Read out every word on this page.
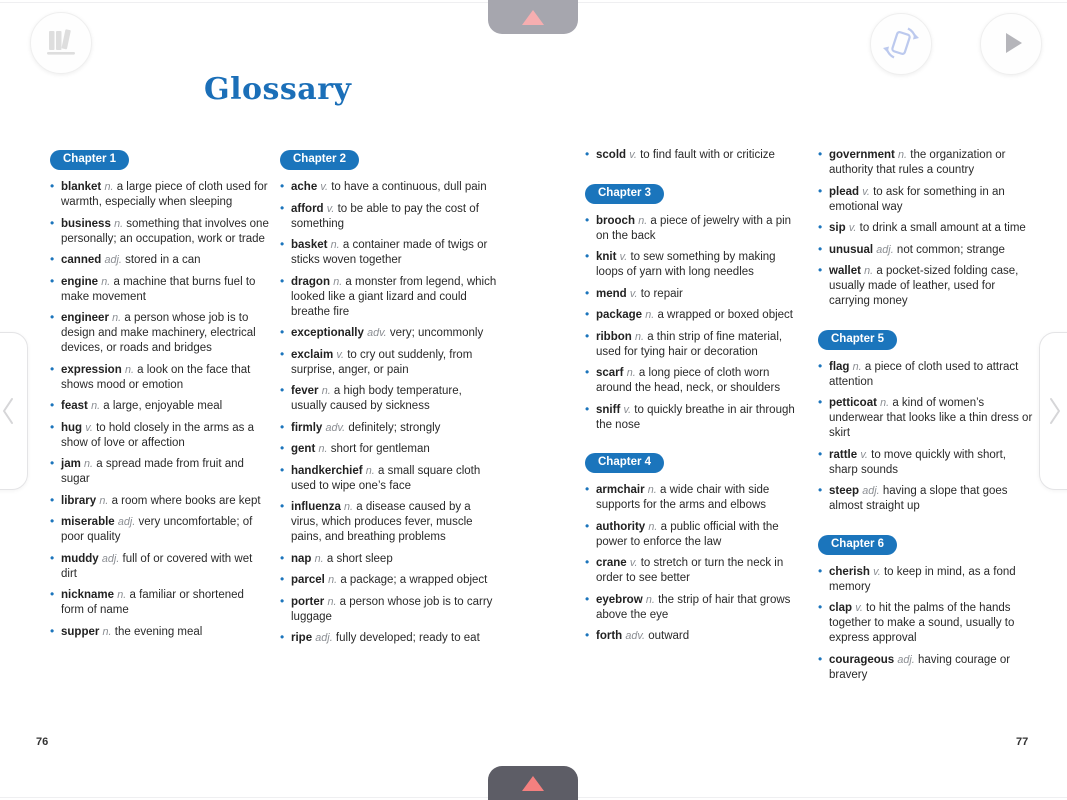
Glossary
Chapter 1
• blanket n. a large piece of cloth used for warmth, especially when sleeping
• business n. something that involves one personally; an occupation, work or trade
• canned adj. stored in a can
• engine n. a machine that burns fuel to make movement
• engineer n. a person whose job is to design and make machinery, electrical devices, or roads and bridges
• expression n. a look on the face that shows mood or emotion
• feast n. a large, enjoyable meal
• hug v. to hold closely in the arms as a show of love or affection
• jam n. a spread made from fruit and sugar
• library n. a room where books are kept
• miserable adj. very uncomfortable; of poor quality
• muddy adj. full of or covered with wet dirt
• nickname n. a familiar or shortened form of name
• supper n. the evening meal
Chapter 2
• ache v. to have a continuous, dull pain
• afford v. to be able to pay the cost of something
• basket n. a container made of twigs or sticks woven together
• dragon n. a monster from legend, which looked like a giant lizard and could breathe fire
• exceptionally adv. very; uncommonly
• exclaim v. to cry out suddenly, from surprise, anger, or pain
• fever n. a high body temperature, usually caused by sickness
• firmly adv. definitely; strongly
• gent n. short for gentleman
• handkerchief n. a small square cloth used to wipe one’s face
• influenza n. a disease caused by a virus, which produces fever, muscle pains, and breathing problems
• nap n. a short sleep
• parcel n. a package; a wrapped object
• porter n. a person whose job is to carry luggage
• ripe adj. fully developed; ready to eat
• scold v. to find fault with or criticize
Chapter 3
• brooch n. a piece of jewelry with a pin on the back
• knit v. to sew something by making loops of yarn with long needles
• mend v. to repair
• package n. a wrapped or boxed object
• ribbon n. a thin strip of fine material, used for tying hair or decoration
• scarf n. a long piece of cloth worn around the head, neck, or shoulders
• sniff v. to quickly breathe in air through the nose
Chapter 4
• armchair n. a wide chair with side supports for the arms and elbows
• authority n. a public official with the power to enforce the law
• crane v. to stretch or turn the neck in order to see better
• eyebrow n. the strip of hair that grows above the eye
• forth adv. outward
• government n. the organization or authority that rules a country
• plead v. to ask for something in an emotional way
• sip v. to drink a small amount at a time
• unusual adj. not common; strange
• wallet n. a pocket-sized folding case, usually made of leather, used for carrying money
Chapter 5
• flag n. a piece of cloth used to attract attention
• petticoat n. a kind of women’s underwear that looks like a thin dress or skirt
• rattle v. to move quickly with short, sharp sounds
• steep adj. having a slope that goes almost straight up
Chapter 6
• cherish v. to keep in mind, as a fond memory
• clap v. to hit the palms of the hands together to make a sound, usually to express approval
• courageous adj. having courage or bravery
76	77
